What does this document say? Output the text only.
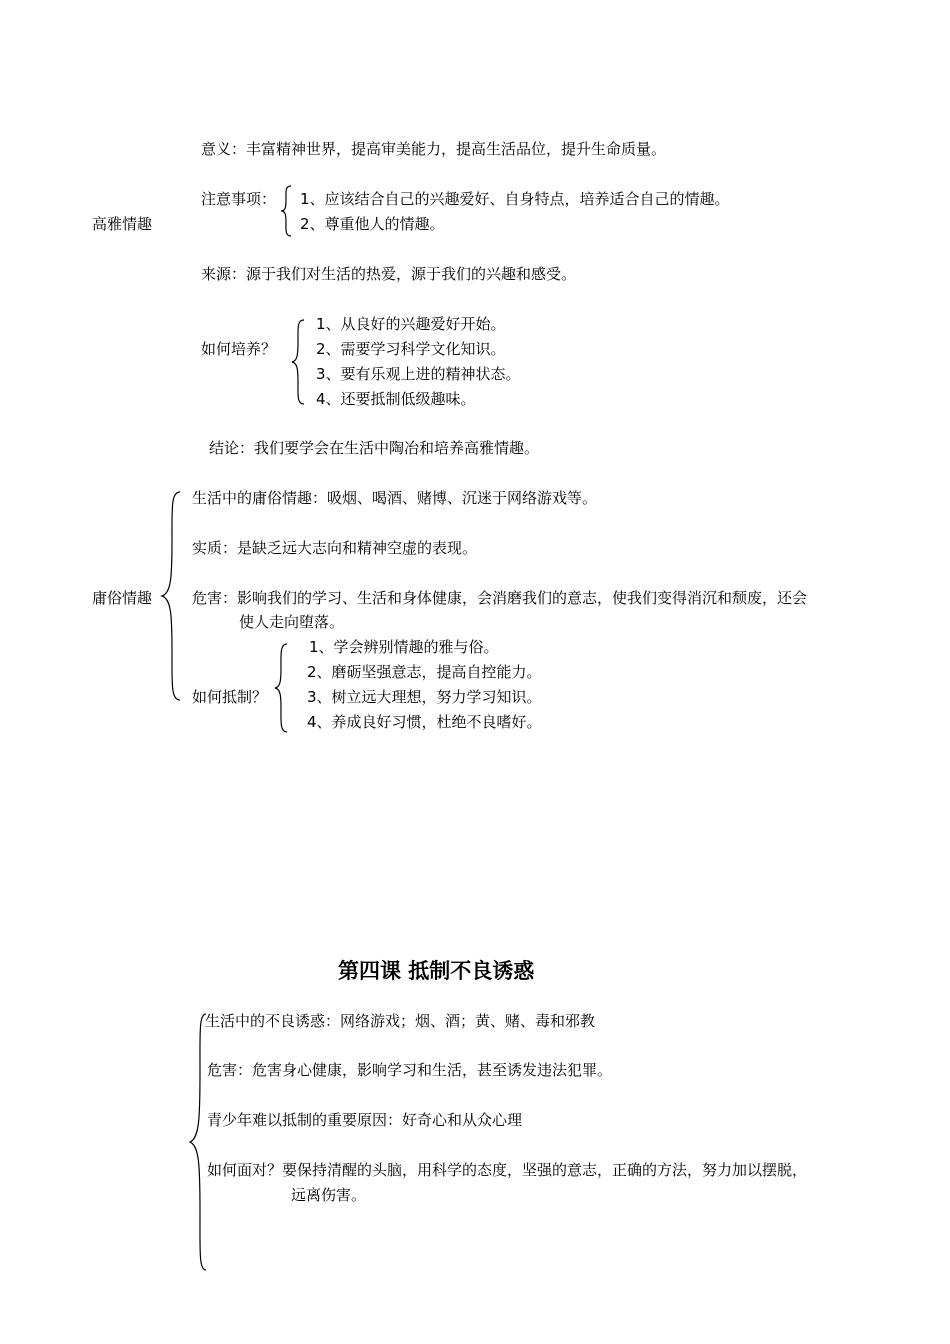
高雅情趣
意义：丰富精神世界，提高审美能力，提高生活品位，提升生命质量。
注意事项： 1、应该结合自己的兴趣爱好、自身特点，培养适合自己的情趣。
2、尊重他人的情趣。
来源：源于我们对生活的热爱，源于我们的兴趣和感受。
如何培养？
1、从良好的兴趣爱好开始。
2、需要学习科学文化知识。
3、要有乐观上进的精神状态。
4、还要抵制低级趣味。
结论：我们要学会在生活中陶冶和培养高雅情趣。
庸俗情趣
生活中的庸俗情趣：吸烟、喝酒、赌博、沉迷于网络游戏等。
实质：是缺乏远大志向和精神空虚的表现。
危害：影响我们的学习、生活和身体健康，会消磨我们的意志，使我们变得消沉和颓废，还会
使人走向堕落。
如何抵制？
1、学会辨别情趣的雅与俗。
2、磨砺坚强意志，提高自控能力。
3、树立远大理想，努力学习知识。
4、养成良好习惯，杜绝不良嗜好。
第四课 抵制不良诱惑
生活中的不良诱惑：网络游戏；烟、酒；黄、赌、毒和邪教
危害：危害身心健康，影响学习和生活，甚至诱发违法犯罪。
青少年难以抵制的重要原因：好奇心和从众心理
如何面对？要保持清醒的头脑，用科学的态度，坚强的意志，正确的方法，努力加以摆脱，
远离伤害。
